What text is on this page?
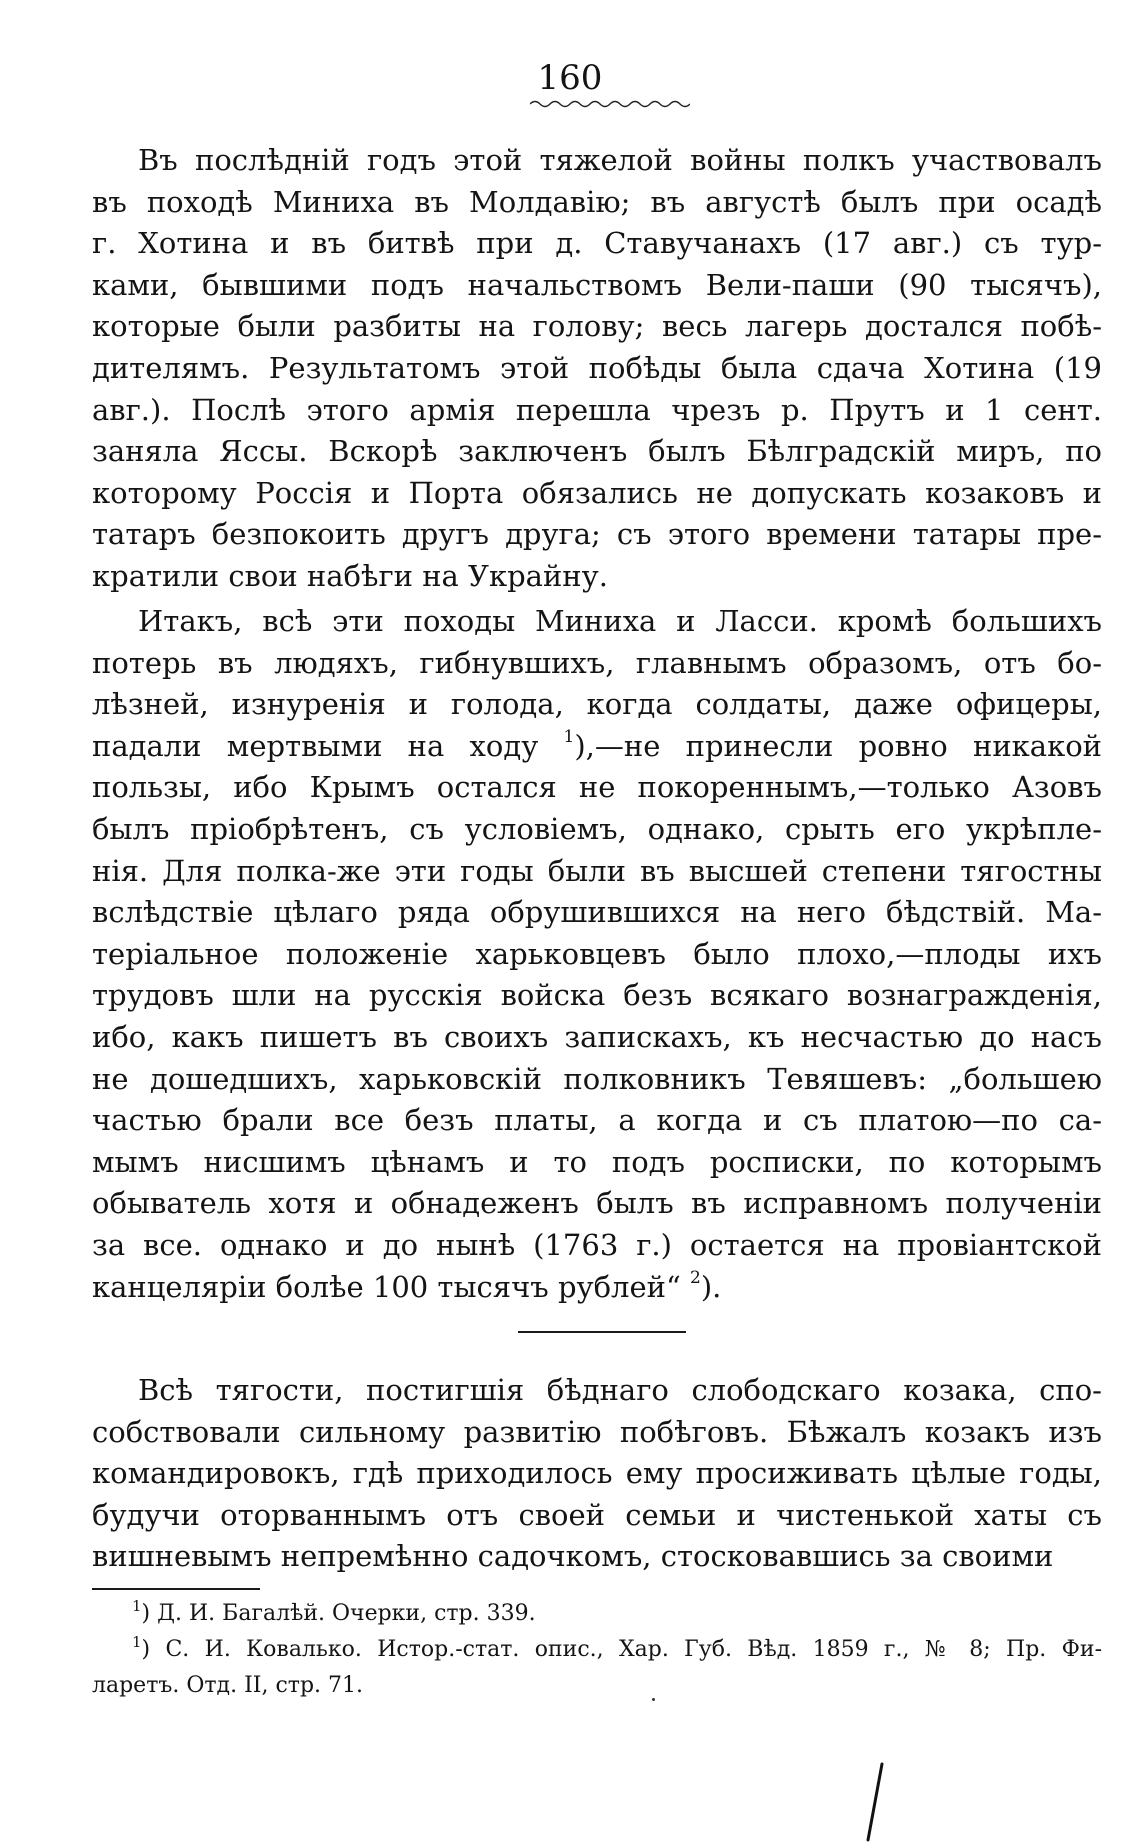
160
Въ послѣдній годъ этой тяжелой войны полкъ участвовалъ
въ походѣ Миниха въ Молдавію; въ августѣ былъ при осадѣ
г. Хотина и въ битвѣ при д. Ставучанахъ (17 авг.) съ тур-
ками, бывшими подъ начальствомъ Вели-паши (90 тысячъ),
которые были разбиты на голову; весь лагерь достался побѣ-
дителямъ. Результатомъ этой побѣды была сдача Хотина (19
авг.). Послѣ этого армія перешла чрезъ р. Прутъ и 1 сент.
заняла Яссы. Вскорѣ заключенъ былъ Бѣлградскій миръ, по
которому Россія и Порта обязались не допускать козаковъ и
татаръ безпокоить другъ друга; съ этого времени татары пре-
кратили свои набѣги на Украйну.
Итакъ, всѣ эти походы Миниха и Ласси. кромѣ большихъ
потерь въ людяхъ, гибнувшихъ, главнымъ образомъ, отъ бо-
лѣзней, изнуренія и голода, когда солдаты, даже офицеры,
падали мертвыми на ходу $^1$),—не принесли ровно никакой
пользы, ибо Крымъ остался не покореннымъ,—только Азовъ
былъ пріобрѣтенъ, съ условіемъ, однако, срыть его укрѣпле-
нія. Для полка-же эти годы были въ высшей степени тягостны
вслѣдствіе цѣлаго ряда обрушившихся на него бѣдствій. Ма-
теріальное положеніе харьковцевъ было плохо,—плоды ихъ
трудовъ шли на русскія войска безъ всякаго вознагражденія,
ибо, какъ пишетъ въ своихъ запискахъ, къ несчастью до насъ
не дошедшихъ, харьковскій полковникъ Тевяшевъ: „большею
частью брали все безъ платы, а когда и съ платою—по са-
мымъ нисшимъ цѣнамъ и то подъ росписки, по которымъ
обыватель хотя и обнадеженъ былъ въ исправномъ полученіи
за все. однако и до нынѣ (1763 г.) остается на провіантской
канцеляріи болѣе 100 тысячъ рублей“ $^2$).
Всѣ тягости, постигшія бѣднаго слободскаго козака, спо-
собствовали сильному развитію побѣговъ. Бѣжалъ козакъ изъ
командировокъ, гдѣ приходилось ему просиживать цѣлые годы,
будучи оторваннымъ отъ своей семьи и чистенькой хаты съ
вишневымъ непремѣнно садочкомъ, стосковавшись за своими
$^1$) Д. И. Багалѣй. Очерки, стр. 339.
$^1$) С. И. Ковалько. Истор.-стат. опис., Хар. Губ. Вѣд. 1859 г., № 8; Пр. Фи-
ларетъ. Отд. II, стр. 71.
